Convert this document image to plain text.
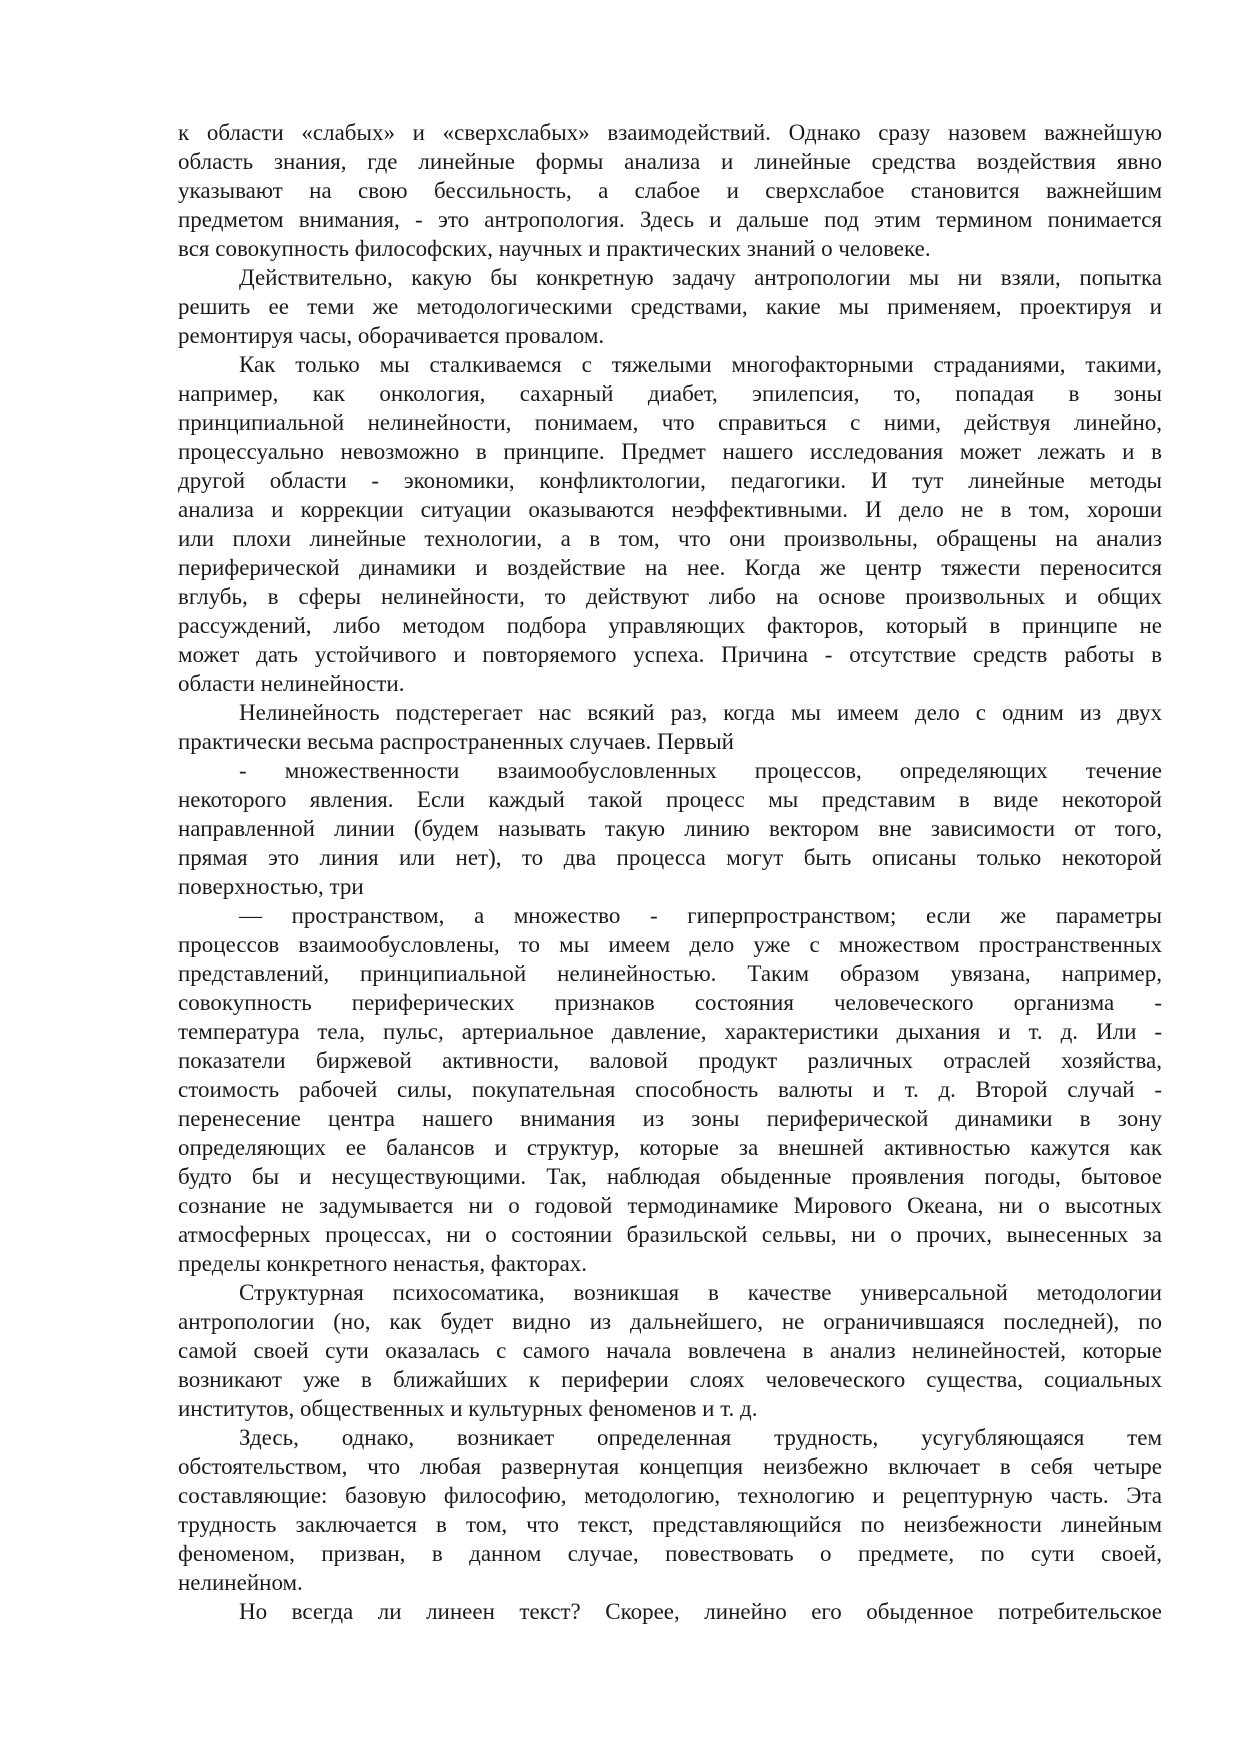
к области «слабых» и «сверхслабых» взаимодействий. Однако сразу назовем важнейшую
область знания, где линейные формы анализа и линейные средства воздействия явно
указывают на свою бессильность, а слабое и сверхслабое становится важнейшим
предметом внимания, - это антропология. Здесь и дальше под этим термином понимается
вся совокупность философских, научных и практических знаний о человеке.
Действительно, какую бы конкретную задачу антропологии мы ни взяли, попытка
решить ее теми же методологическими средствами, какие мы применяем, проектируя и
ремонтируя часы, оборачивается провалом.
Как только мы сталкиваемся с тяжелыми многофакторными страданиями, такими,
например, как онкология, сахарный диабет, эпилепсия, то, попадая в зоны
принципиальной нелинейности, понимаем, что справиться с ними, действуя линейно,
процессуально невозможно в принципе. Предмет нашего исследования может лежать и в
другой области - экономики, конфликтологии, педагогики. И тут линейные методы
анализа и коррекции ситуации оказываются неэффективными. И дело не в том, хороши
или плохи линейные технологии, а в том, что они произвольны, обращены на анализ
периферической динамики и воздействие на нее. Когда же центр тяжести переносится
вглубь, в сферы нелинейности, то действуют либо на основе произвольных и общих
рассуждений, либо методом подбора управляющих факторов, который в принципе не
может дать устойчивого и повторяемого успеха. Причина - отсутствие средств работы в
области нелинейности.
Нелинейность подстерегает нас всякий раз, когда мы имеем дело с одним из двух
практически весьма распространенных случаев. Первый
- множественности взаимообусловленных процессов, определяющих течение
некоторого явления. Если каждый такой процесс мы представим в виде некоторой
направленной линии (будем называть такую линию вектором вне зависимости от того,
прямая это линия или нет), то два процесса могут быть описаны только некоторой
поверхностью, три
— пространством, а множество - гиперпространством; если же параметры
процессов взаимообусловлены, то мы имеем дело уже с множеством пространственных
представлений, принципиальной нелинейностью. Таким образом увязана, например,
совокупность периферических признаков состояния человеческого организма -
температура тела, пульс, артериальное давление, характеристики дыхания и т. д. Или -
показатели биржевой активности, валовой продукт различных отраслей хозяйства,
стоимость рабочей силы, покупательная способность валюты и т. д. Второй случай -
перенесение центра нашего внимания из зоны периферической динамики в зону
определяющих ее балансов и структур, которые за внешней активностью кажутся как
будто бы и несуществующими. Так, наблюдая обыденные проявления погоды, бытовое
сознание не задумывается ни о годовой термодинамике Мирового Океана, ни о высотных
атмосферных процессах, ни о состоянии бразильской сельвы, ни о прочих, вынесенных за
пределы конкретного ненастья, факторах.
Структурная психосоматика, возникшая в качестве универсальной методологии
антропологии (но, как будет видно из дальнейшего, не ограничившаяся последней), по
самой своей сути оказалась с самого начала вовлечена в анализ нелинейностей, которые
возникают уже в ближайших к периферии слоях человеческого существа, социальных
институтов, общественных и культурных феноменов и т. д.
Здесь, однако, возникает определенная трудность, усугубляющаяся тем
обстоятельством, что любая развернутая концепция неизбежно включает в себя четыре
составляющие: базовую философию, методологию, технологию и рецептурную часть. Эта
трудность заключается в том, что текст, представляющийся по неизбежности линейным
феноменом, призван, в данном случае, повествовать о предмете, по сути своей,
нелинейном.
Но всегда ли линеен текст? Скорее, линейно его обыденное потребительское
